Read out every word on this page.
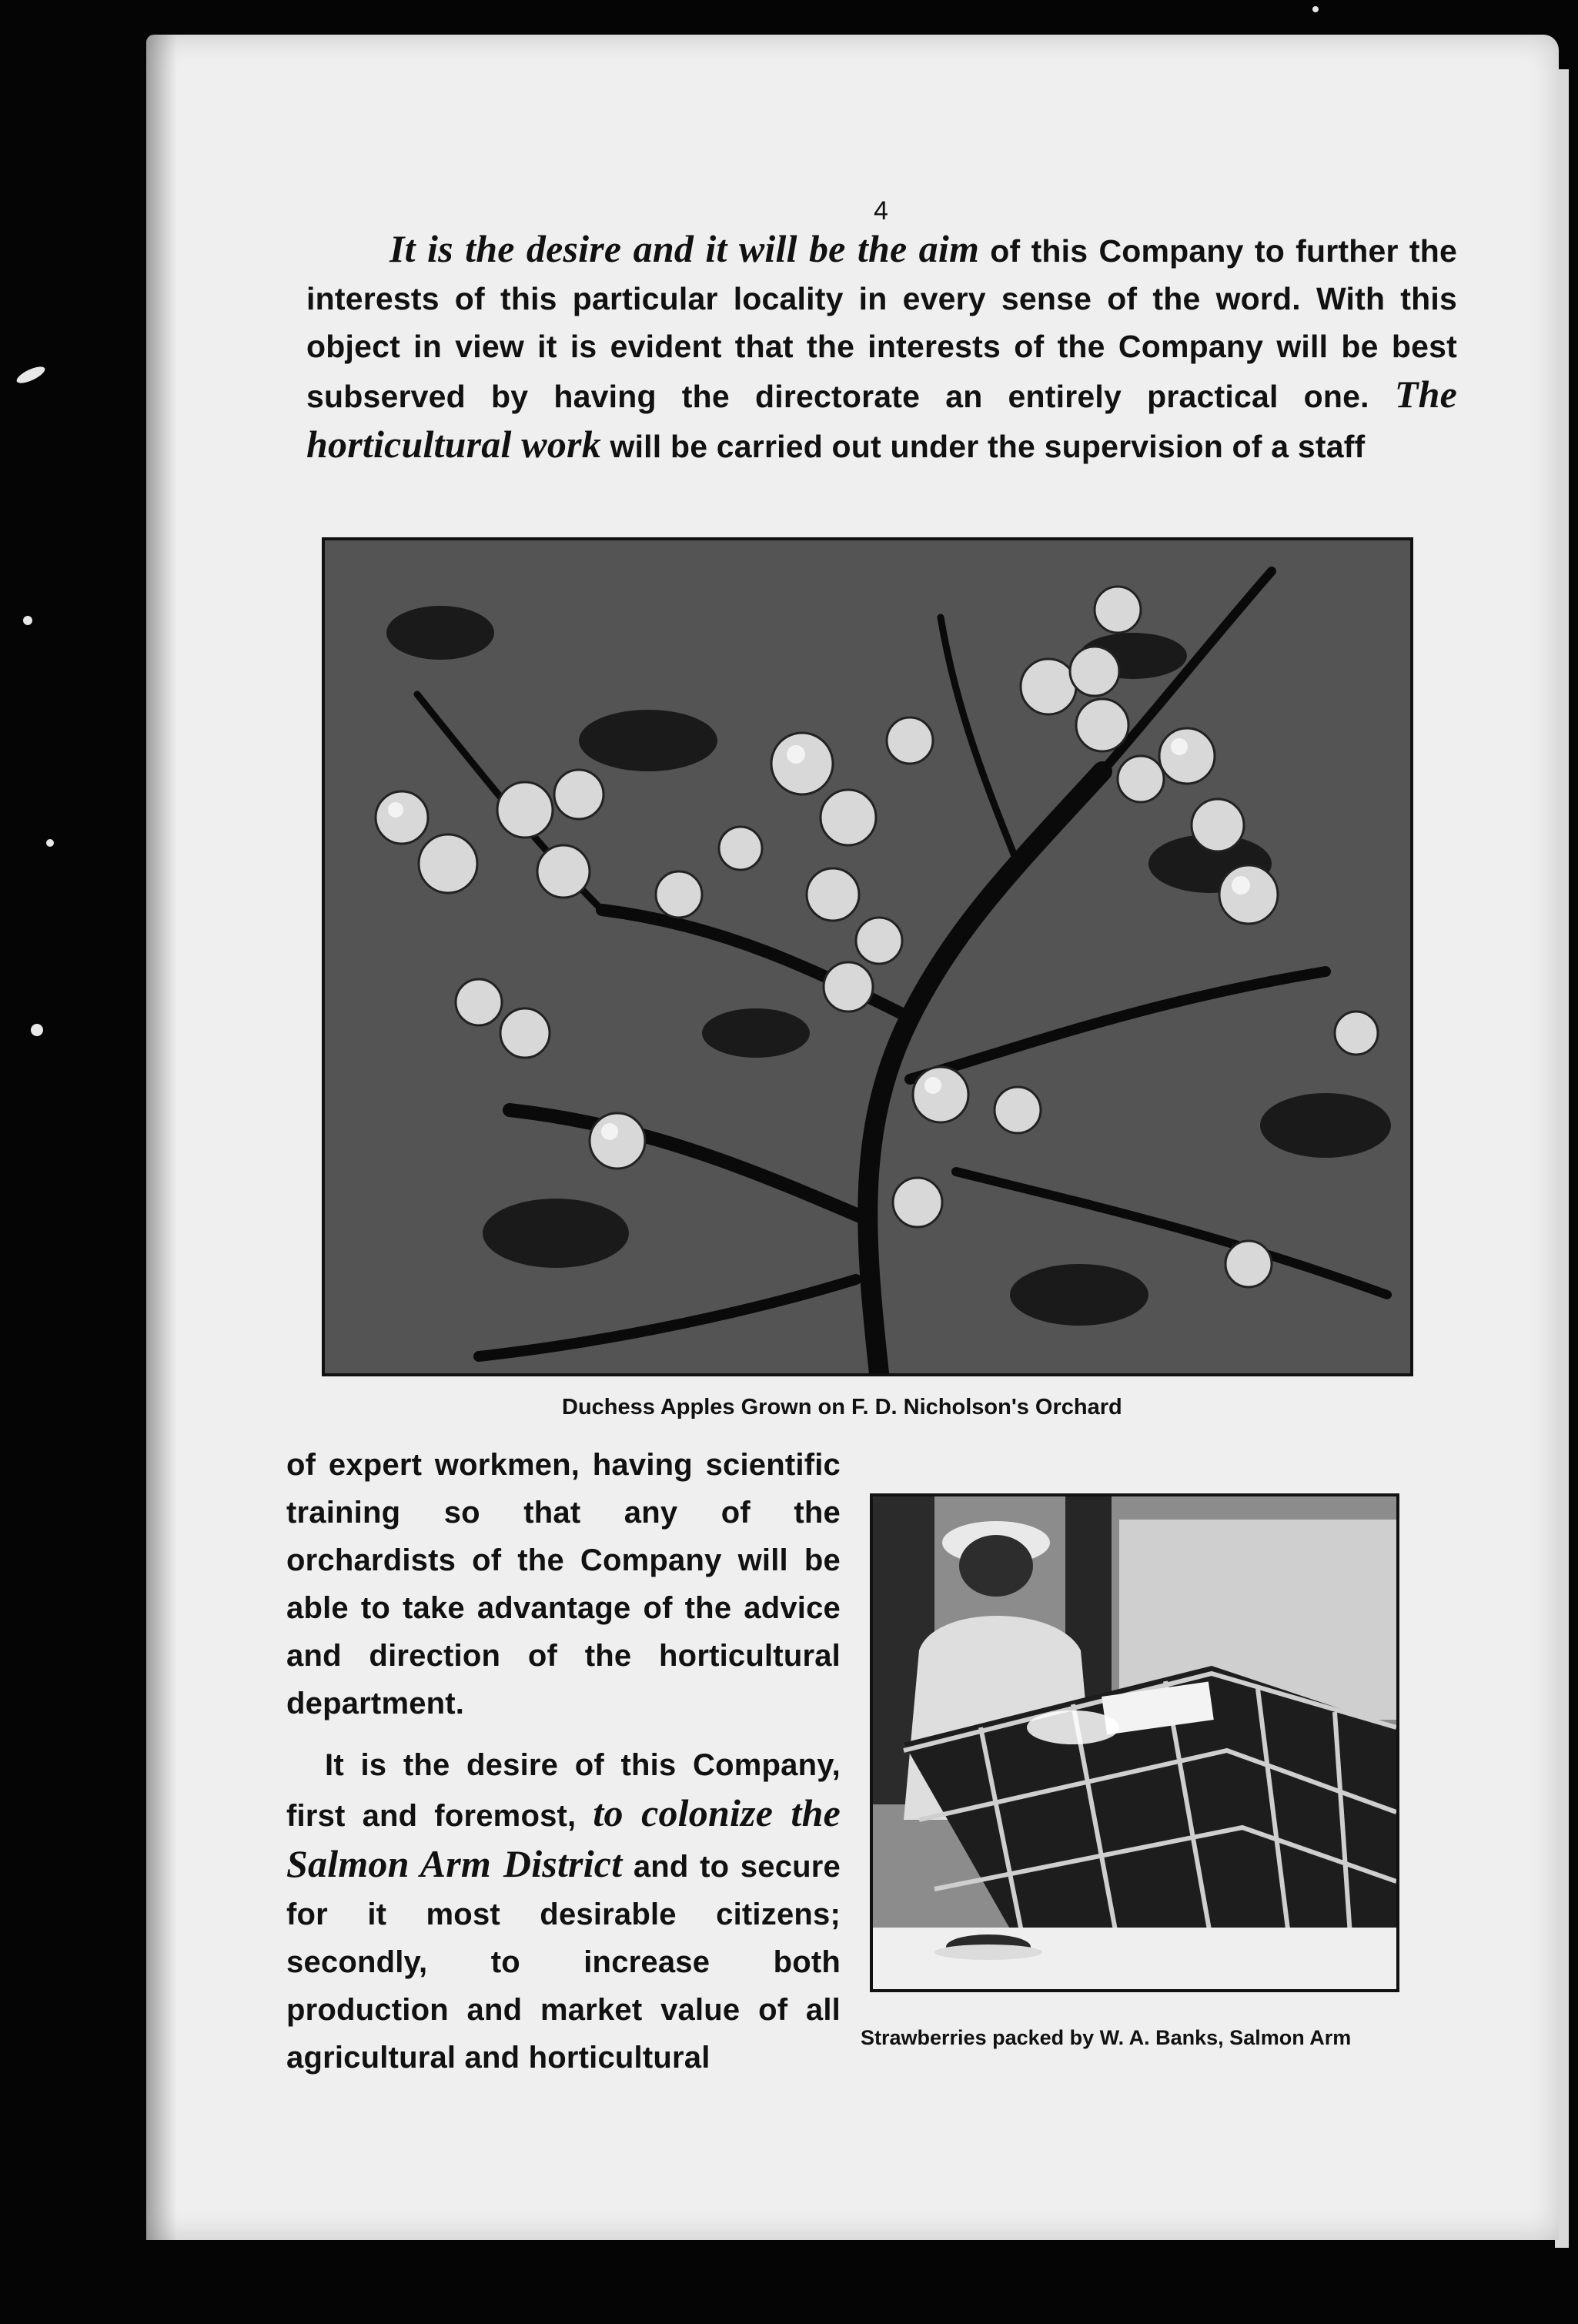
4
It is the desire and it will be the aim of this Company to further the interests of this particular locality in every sense of the word. With this object in view it is evident that the interests of the Company will be best subserved by having the directorate an entirely practical one. The horticultural work will be carried out under the supervision of a staff
Duchess Apples Grown on F. D. Nicholson's Orchard

of expert workmen, having scientific training so that any of the orchardists of the Company will be able to take advantage of the advice and direction of the horticultural department.

It is the desire of this Company, first and foremost, to colonize the Salmon Arm District and to secure for it most desirable citizens; secondly, to increase both production and market value of all agricultural and horticultural

Strawberries packed by W. A. Banks, Salmon Arm
